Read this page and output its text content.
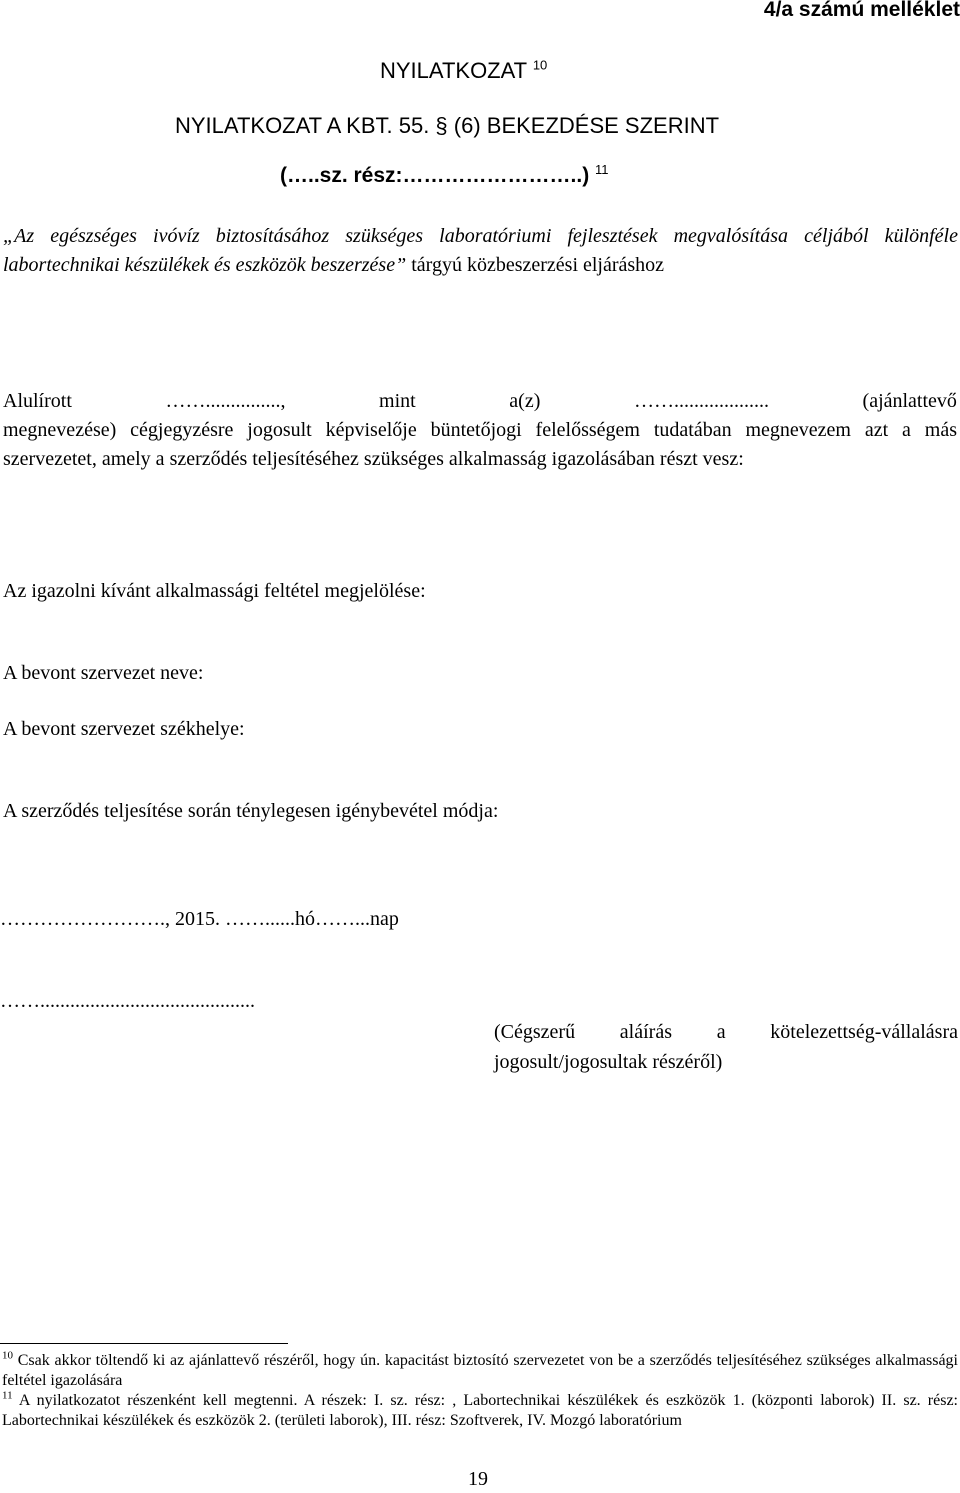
4/a számú melléklet
NYILATKOZAT $^{10}$
NYILATKOZAT A KBT. 55. § (6) BEKEZDÉSE SZERINT
(…..sz. rész:……………………..) $^{11}$

„Az egészséges ivóvíz biztosításához szükséges laboratóriumi fejlesztések megvalósítása céljából különféle labortechnikai készülékek és eszközök beszerzése” tárgyú közbeszerzési eljáráshoz

Alulírott	……...............,	mint	a(z)	……...................	(ajánlattevő
megnevezése) cégjegyzésre jogosult képviselője büntetőjogi felelősségem tudatában megnevezem azt a más szervezetet, amely a szerződés teljesítéséhez szükséges alkalmasság igazolásában részt vesz:
Az igazolni kívánt alkalmassági feltétel megjelölése:
A bevont szervezet neve:
A bevont szervezet székhelye:
A szerződés teljesítése során ténylegesen igénybevétel módja:
……………………., 2015. ……......hó……...nap
……...........................................
(Cégszerű aláírás a kötelezettség-vállalásra jogosult/jogosultak részéről)

$^{10}$ Csak akkor töltendő ki az ajánlattevő részéről, hogy ún. kapacitást biztosító szervezetet von be a szerződés teljesítéséhez szükséges alkalmassági feltétel igazolására

$^{11}$ A nyilatkozatot részenként kell megtenni. A részek: I. sz. rész: , Labortechnikai készülékek és eszközök 1. (központi laborok) II. sz. rész: Labortechnikai készülékek és eszközök 2. (területi laborok), III. rész: Szoftverek, IV. Mozgó laboratórium

19
